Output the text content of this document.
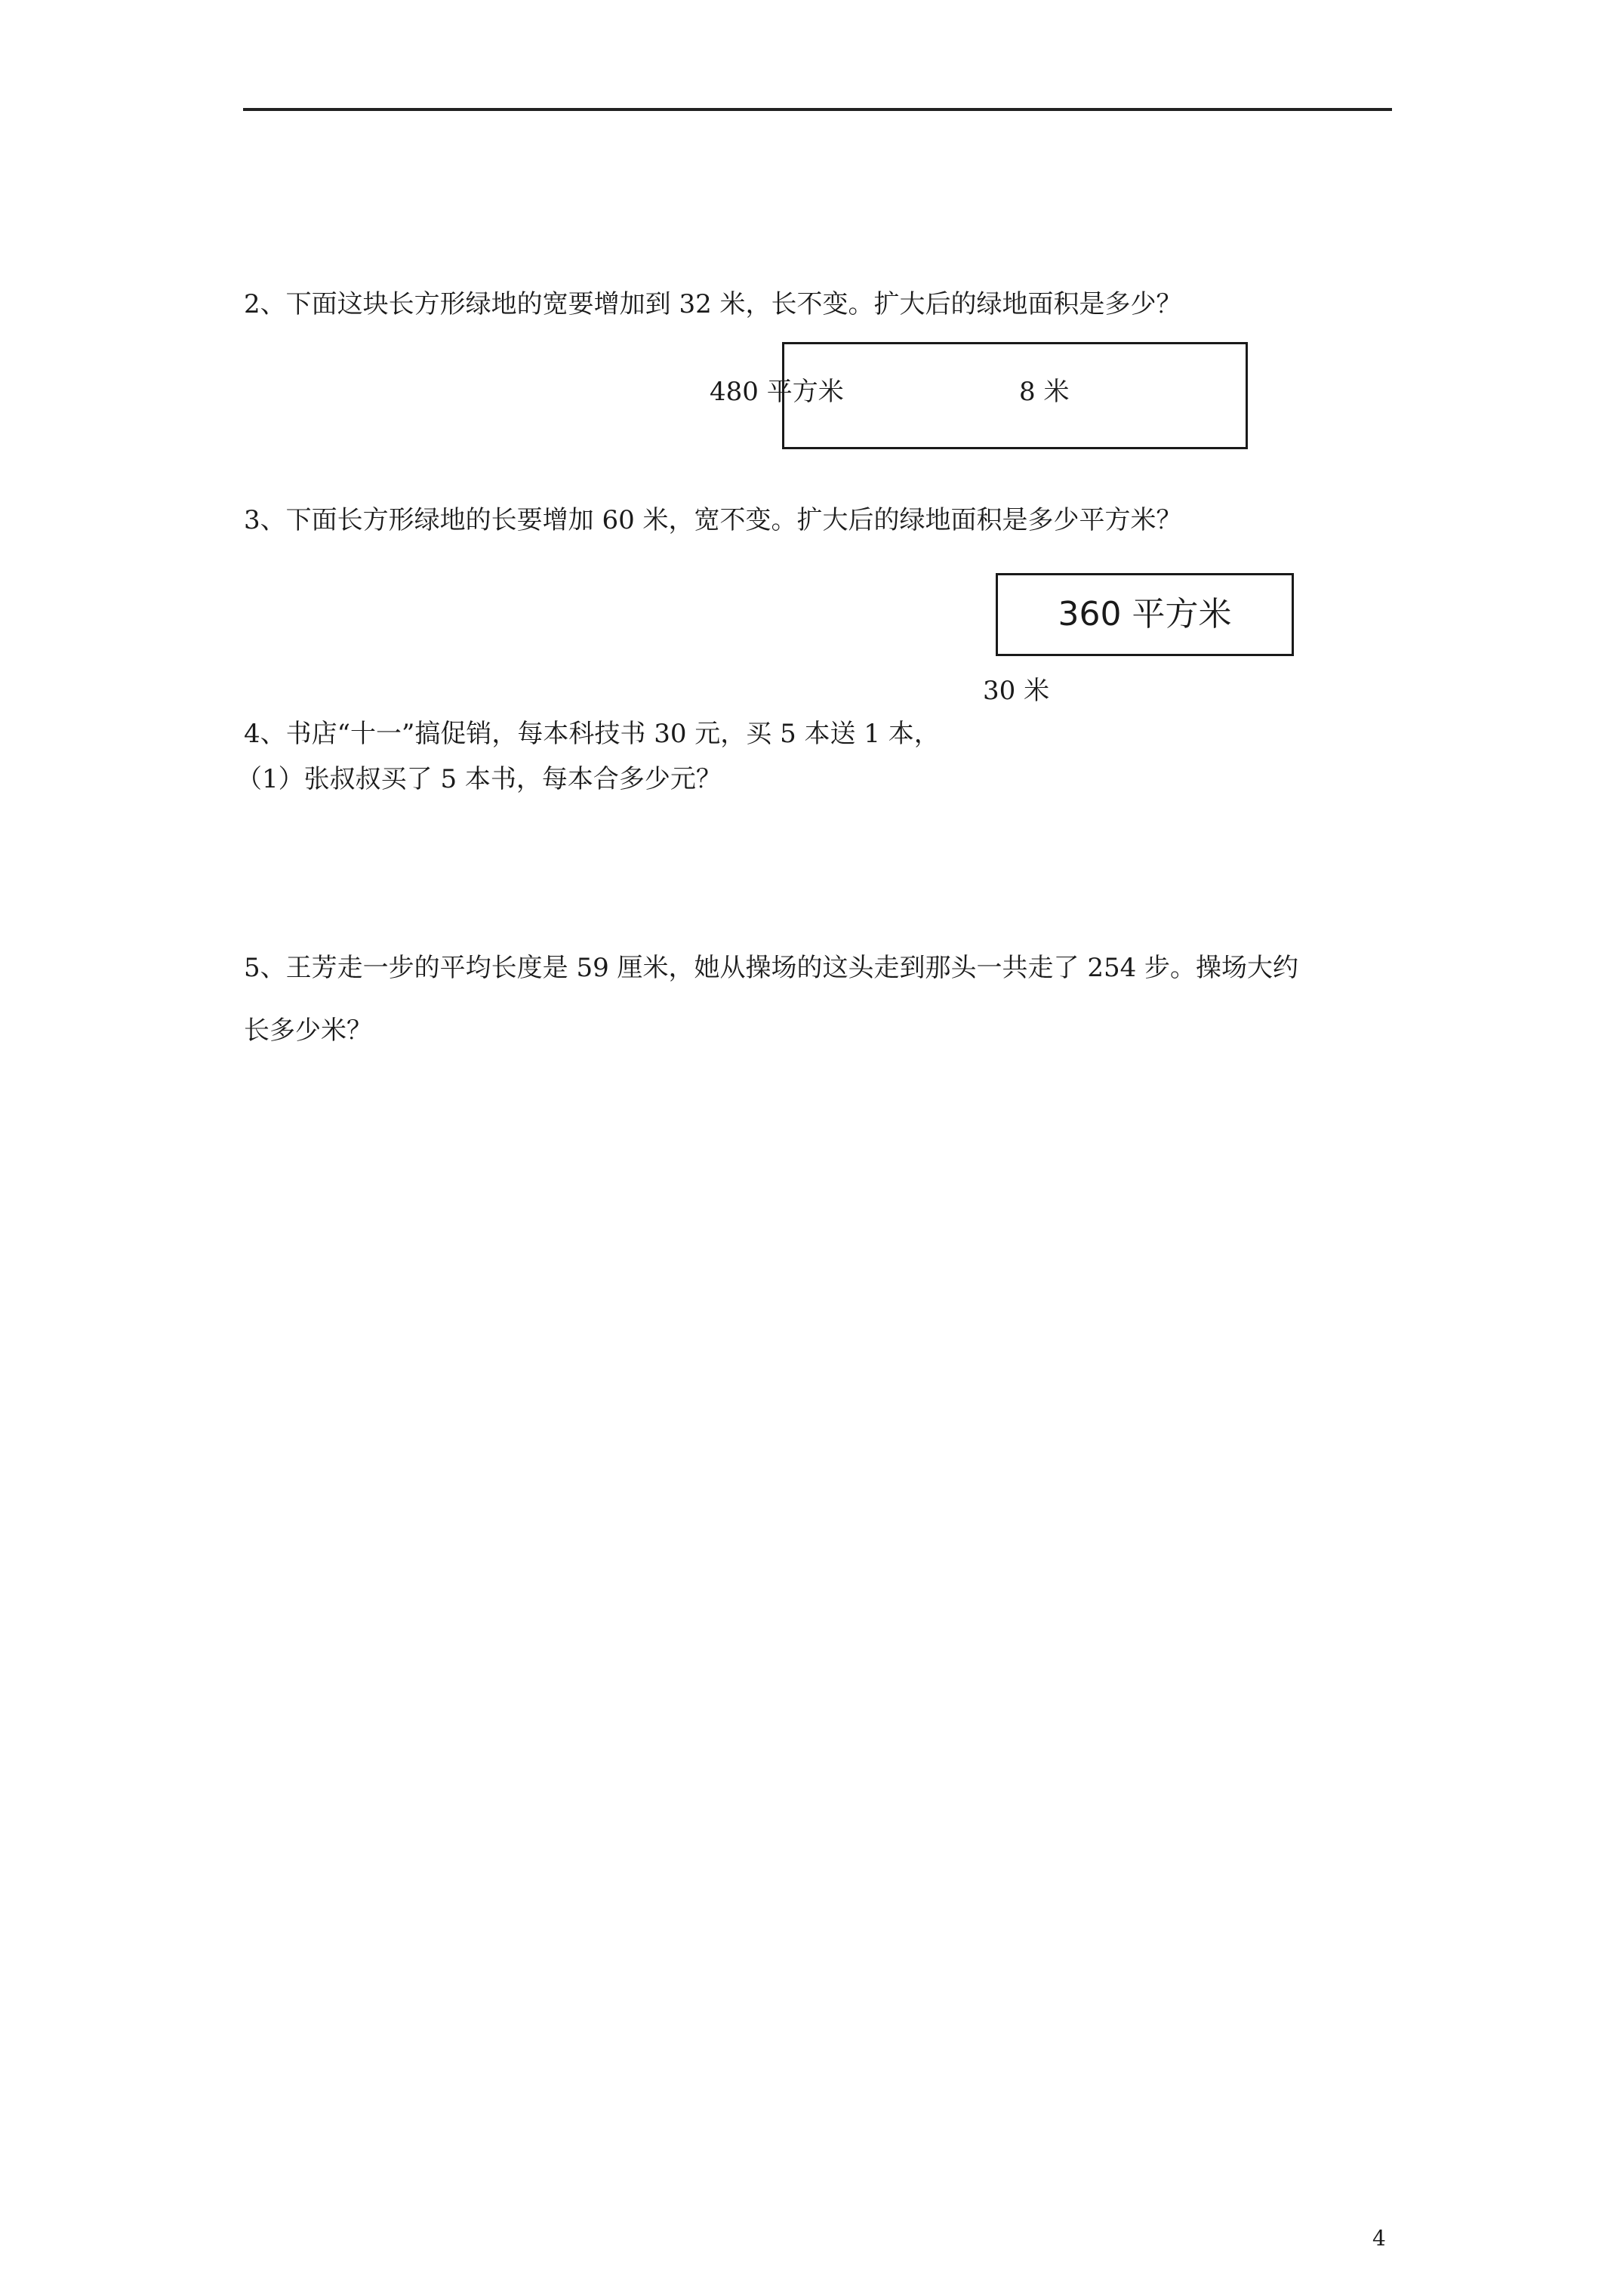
2、下面这块长方形绿地的宽要增加到 32 米，长不变。扩大后的绿地面积是多少？

480 平方米	8 米

3、下面长方形绿地的长要增加 60 米，宽不变。扩大后的绿地面积是多少平方米？

360 平方米
30 米

4、书店“十一”搞促销，每本科技书 30 元，买 5 本送 1 本，

（1）张叔叔买了 5 本书，每本合多少元？

5、王芳走一步的平均长度是 59 厘米，她从操场的这头走到那头一共走了 254 步。操场大约

长多少米？

4
